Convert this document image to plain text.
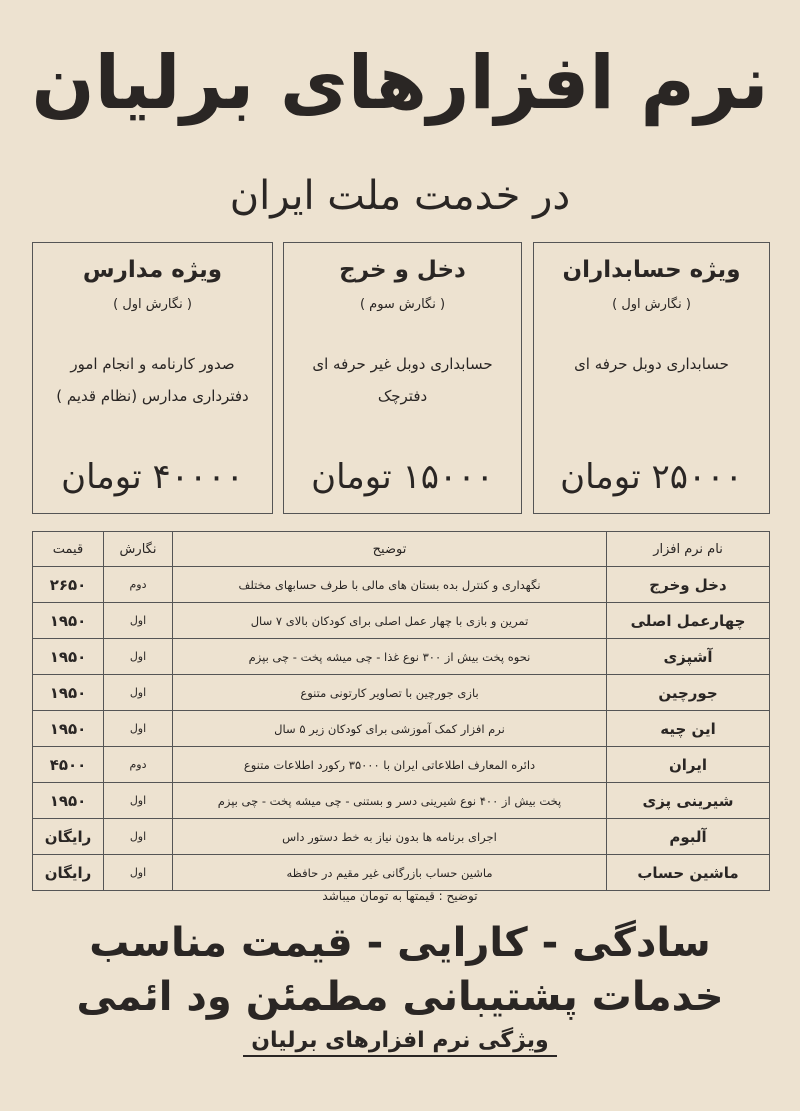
نرم افزارهای برلیان
در خدمت ملت ایران
ویژه مدارس
( نگارش اول )
صدور کارنامه و انجام امور
دفترداری مدارس (نظام قدیم )
۴۰۰۰۰ تومان
دخل و خرج
( نگارش سوم )
حسابداری دوبل غیر حرفه ای
دفترچک
۱۵۰۰۰ تومان
ویژه حسابداران
( نگارش اول )
حسابداری دوبل حرفه ای
۲۵۰۰۰ تومان
نام نرم افزار	توضیح	نگارش	قیمت
دخل وخرج	نگهداری و کنترل بده بستان های مالی با طرف حسابهای مختلف	دوم	۲۶۵۰
چهارعمل اصلی	تمرین و بازی با چهار عمل اصلی برای کودکان بالای ۷ سال	اول	۱۹۵۰
آشپزی	نحوه پخت بیش از ۳۰۰ نوع غذا - چی میشه پخت - چی بپزم	اول	۱۹۵۰
جورچین	بازی جورچین با تصاویر کارتونی متنوع	اول	۱۹۵۰
این چیه	نرم افزار کمک آموزشی برای کودکان زیر ۵ سال	اول	۱۹۵۰
ایران	دائره المعارف اطلاعاتی ایران با ۳۵۰۰۰ رکورد اطلاعات متنوع	دوم	۴۵۰۰
شیرینی پزی	پخت بیش از ۴۰۰ نوع شیرینی دسر و بستنی - چی میشه پخت - چی بپزم	اول	۱۹۵۰
آلبوم	اجرای برنامه ها بدون نیاز به خط دستور داس	اول	رایگان
ماشین حساب	ماشین حساب بازرگانی غیر مقیم در حافظه	اول	رایگان
توضیح : قیمتها به تومان میباشد
سادگی - کارایی - قیمت مناسب
خدمات پشتیبانی مطمئن ود ائمی
ویژگی نرم افزارهای برلیان
